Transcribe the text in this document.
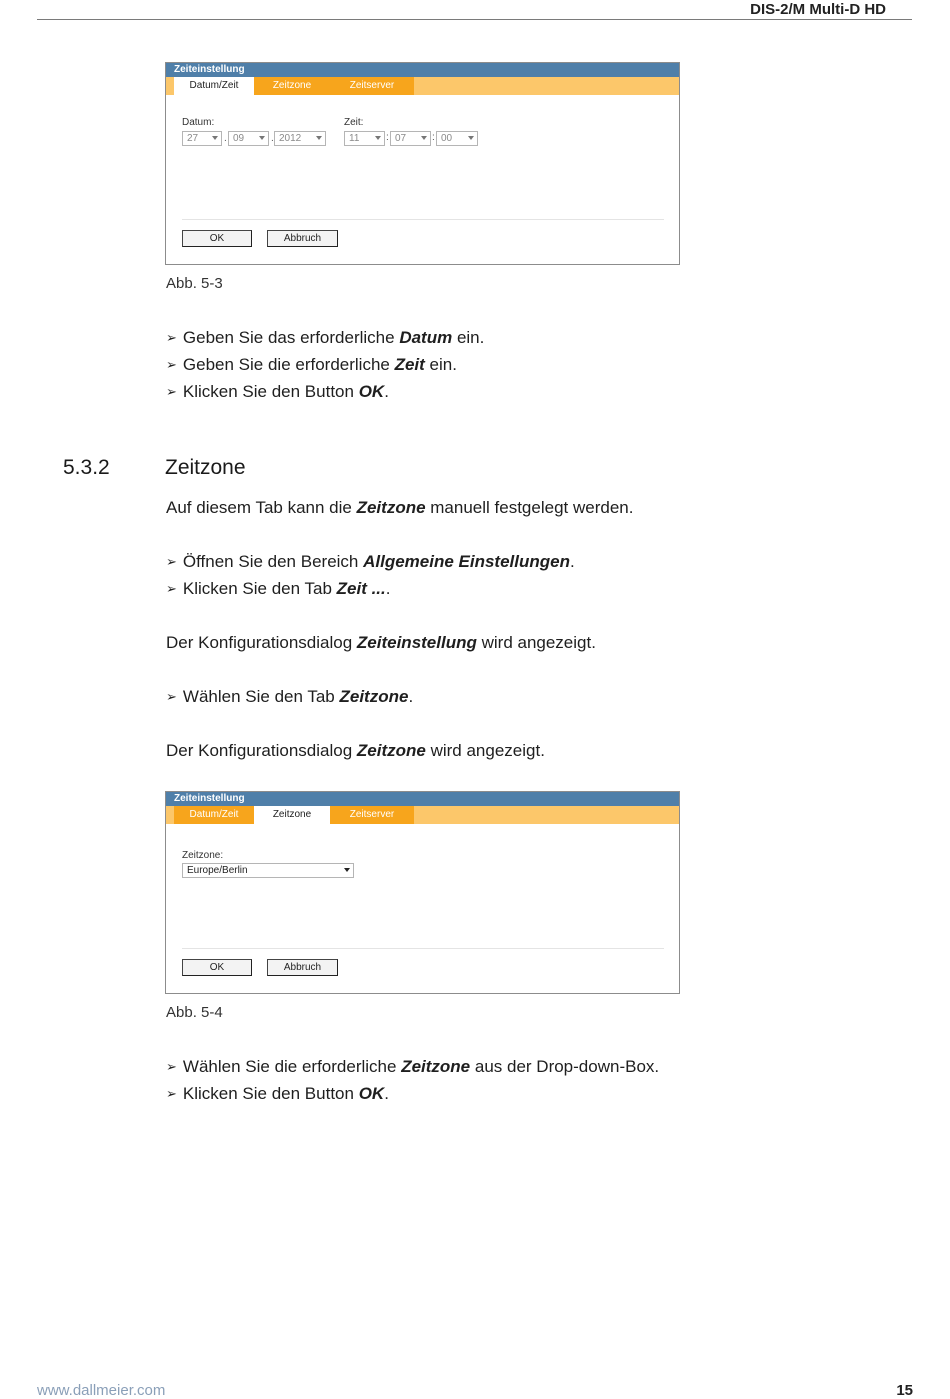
DIS-2/M Multi-D HD
Zeiteinstellung
Datum/Zeit	Zeitzone	Zeitserver
Datum:
27	. 09	. 2012
Zeit:
11	: 07	: 00
OK	Abbruch
Abb. 5-3
➢ Geben Sie das erforderliche Datum ein.
➢ Geben Sie die erforderliche Zeit ein.
➢ Klicken Sie den Button OK.
5.3.2	Zeitzone
Auf diesem Tab kann die Zeitzone manuell festgelegt werden.
➢ Öffnen Sie den Bereich Allgemeine Einstellungen.
➢ Klicken Sie den Tab Zeit ....
Der Konfigurationsdialog Zeiteinstellung wird angezeigt.
➢ Wählen Sie den Tab Zeitzone.
Der Konfigurationsdialog Zeitzone wird angezeigt.
Zeiteinstellung
Datum/Zeit	Zeitzone	Zeitserver
Zeitzone:
Europe/Berlin
OK	Abbruch
Abb. 5-4
➢ Wählen Sie die erforderliche Zeitzone aus der Drop-down-Box.
➢ Klicken Sie den Button OK.
www.dallmeier.com	15
